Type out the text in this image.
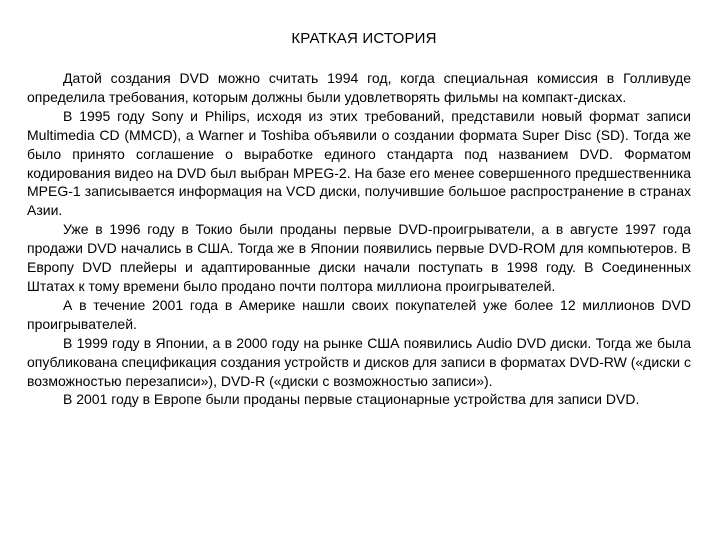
КРАТКАЯ ИСТОРИЯ

Датой создания DVD можно считать 1994 год, когда специальная комиссия в Голливуде определила требования, которым должны были удовлетворять фильмы на компакт-дисках.

В 1995 году Sony и Philips, исходя из этих требований, представили новый формат записи Multimedia CD (MMCD), а Warner и Toshiba объявили о создании формата Super Disc (SD). Тогда же было принято соглашение о выработке единого стандарта под названием DVD. Форматом кодирования видео на DVD был выбран MPEG-2. На базе его менее совершенного предшественника MPEG-1 записывается информация на VCD диски, получившие большое распространение в странах Азии.

Уже в 1996 году в Токио были проданы первые DVD-проигрыватели, а в августе 1997 года продажи DVD начались в США. Тогда же в Японии появились первые DVD-ROM для компьютеров. В Европу DVD плейеры и адаптированные диски начали поступать в 1998 году. В Соединенных Штатах к тому времени было продано почти полтора миллиона проигрывателей.

А в течение 2001 года в Америке нашли своих покупателей уже более 12 миллионов DVD проигрывателей.

В 1999 году в Японии, а в 2000 году на рынке США появились Audio DVD диски. Тогда же была опубликована спецификация создания устройств и дисков для записи в форматах DVD-RW («диски с возможностью перезаписи»), DVD-R («диски с возможностью записи»).

В 2001 году в Европе были проданы первые стационарные устройства для записи DVD.
